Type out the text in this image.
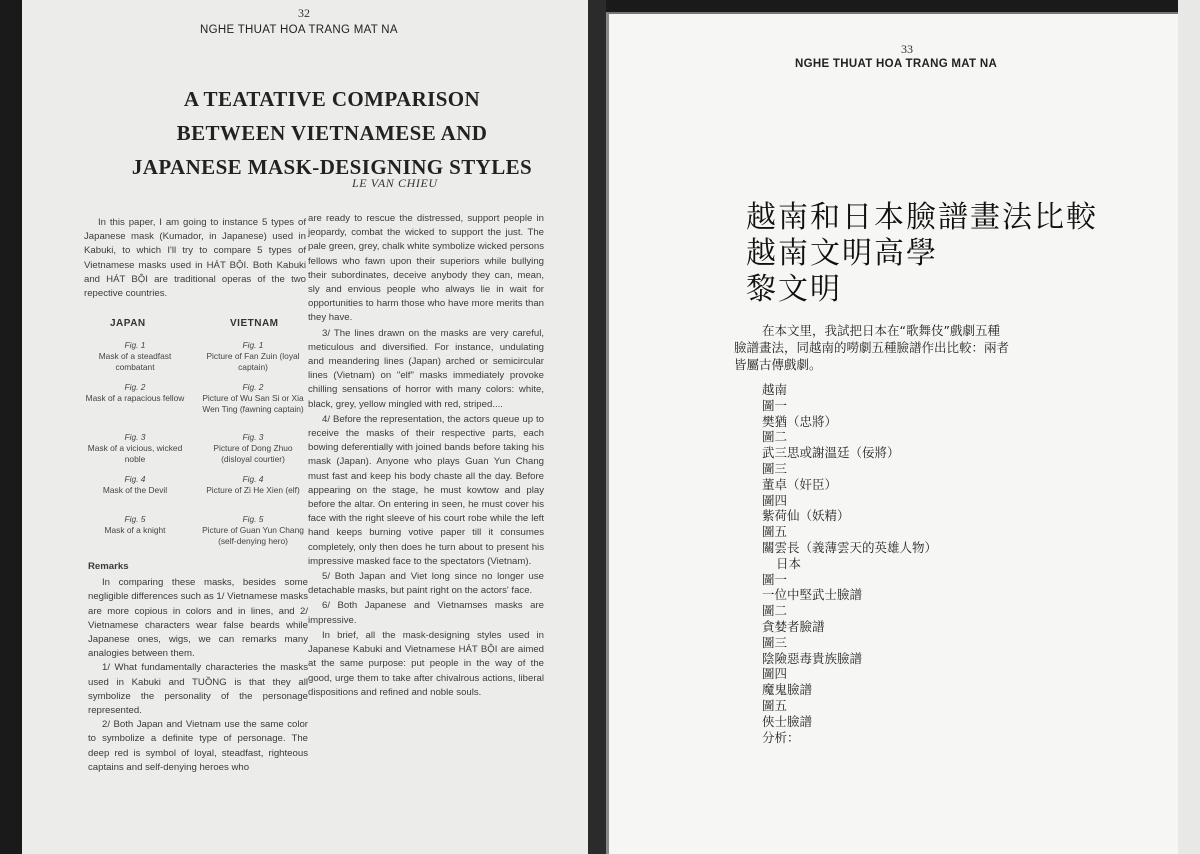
32
NGHE THUAT HOA TRANG MAT NA
A TEATATIVE COMPARISON
BETWEEN VIETNAMESE AND
JAPANESE MASK-DESIGNING STYLES
LE VAN CHIEU

In this paper, I am going to instance 5 types of Japanese mask (Kumador, in Japanese) used in Kabuki, to which I'll try to compare 5 types of Vietnamese masks used in HÁT BỘI. Both Kabuki and HÁT BỘI are traditional operas of the two repective countries.

JAPAN	VIETNAM
Fig. 1
Mask of a steadfast combatant
Fig. 1
Picture of Fan Zuin (loyal captain)
Fig. 2
Mask of a rapacious fellow
Fig. 2
Picture of Wu San Si or Xia Wen Ting (fawning captain)
Fig. 3
Mask of a vicious, wicked noble
Fig. 3
Picture of Dong Zhuo (disloyal courtier)
Fig. 4
Mask of the Devil
Fig. 4
Picture of Zi He Xien (elf)
Fig. 5
Mask of a knight
Fig. 5
Picture of Guan Yun Chang (self-denying hero)
Remarks

In comparing these masks, besides some negligible differences such as 1/ Vietnamese masks are more copious in colors and in lines, and 2/ Vietnamese characters wear false beards while Japanese ones, wigs, we can remarks many analogies between them.

1/ What fundamentally characteries the masks used in Kabuki and TUỒNG is that they all symbolize the personality of the personage represented.

2/ Both Japan and Vietnam use the same color to symbolize a definite type of personage. The deep red is symbol of loyal, steadfast, righteous captains and self-denying heroes who

are ready to rescue the distressed, support people in jeopardy, combat the wicked to support the just. The pale green, grey, chalk white symbolize wicked persons fellows who fawn upon their superiors while bullying their subordinates, deceive anybody they can, mean, sly and envious people who always lie in wait for opportunities to harm those who have more merits than they have.

3/ The lines drawn on the masks are very careful, meticulous and diversified. For instance, undulating and meandering lines (Japan) arched or semicircular lines (Vietnam) on "elf" masks immediately provoke chilling sensations of horror with many colors: white, black, grey, yellow mingled with red, striped....

4/ Before the representation, the actors queue up to receive the masks of their respective parts, each bowing deferentially with joined bands before taking his mask (Japan). Anyone who plays Guan Yun Chang must fast and keep his body chaste all the day. Before appearing on the stage, he must kowtow and play before the altar. On entering in seen, he must cover his face with the right sleeve of his court robe while the left hand keeps burning votive paper till it consumes completely, only then does he turn about to present his impressive masked face to the spectators (Vietnam).

5/ Both Japan and Viet long since no longer use detachable masks, but paint right on the actors' face.

6/ Both Japanese and Vietnamses masks are impressive.

In brief, all the mask-designing styles used in Japanese Kabuki and Vietnamese HÁT BỘI are aimed at the same purpose: put people in the way of the good, urge them to take after chivalrous actions, liberal dispositions and refined and noble souls.

33
NGHE THUAT HOA TRANG MAT NA
越南和日本臉譜畫法比較
越南文明高學
黎文明
在本文里，我試把日本在“歌舞伎”戲劇五種
臉譜畫法，同越南的嘮劇五種臉譜作出比較：兩者
皆屬古傳戲劇。
越南
圖一
樊猶（忠將）
圖二
武三思或謝溫廷（佞將）
圖三
董卓（奸臣）
圖四
紫荷仙（妖精）
圖五
關雲長（義薄雲天的英雄人物）
日本
圖一
一位中堅武士臉譜
圖二
貪婪者臉譜
圖三
陰險惡毒貴族臉譜
圖四
魔鬼臉譜
圖五
俠士臉譜
分析：
